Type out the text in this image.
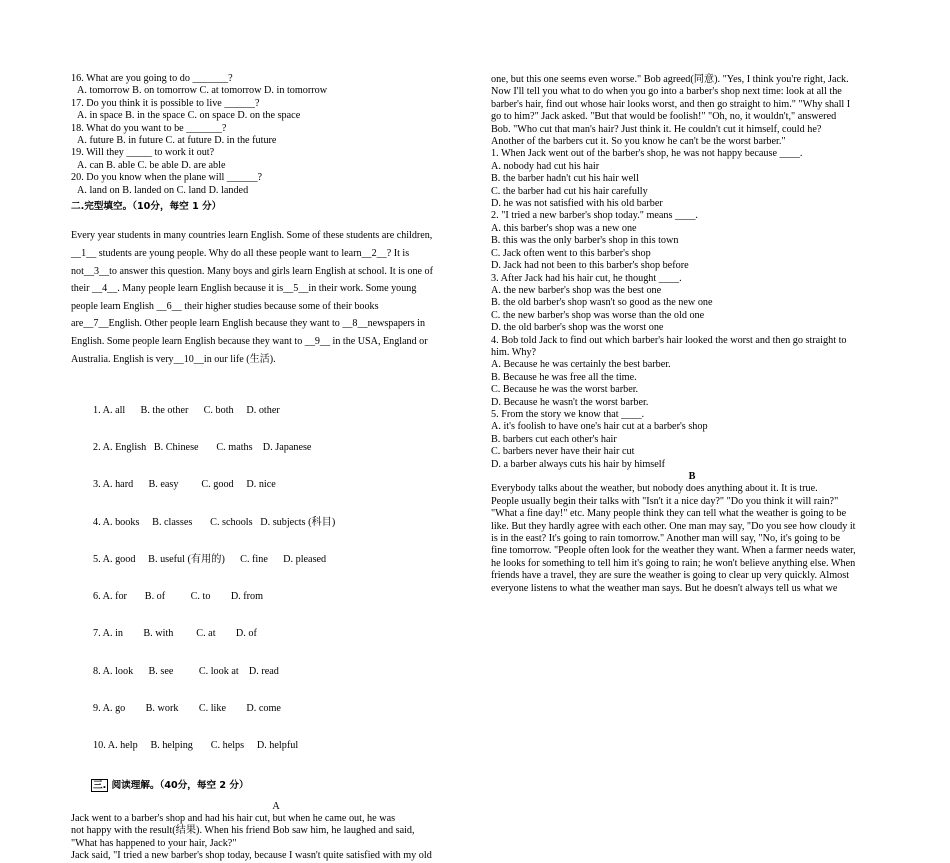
16. What are you going to do _______?
A. tomorrow B. on tomorrow C. at tomorrow D. in tomorrow
17. Do you think it is possible to live ______?
A. in space B. in the space C. on space D. on the space
18. What do you want to be _______?
A. future B. in future C. at future D. in the future
19. Will they _____ to work it out?
A. can B. able C. be able D. are able
20. Do you know when the plane will ______?
A. land on B. landed on C. land D. landed
二.完型填空。（10分，每空 1 分）
Every year students in many countries learn English. Some of these students are children,
__1__ students are young people. Why do all these people want to learn__2__? It is
not__3__to answer this question. Many boys and girls learn English at school. It is one of
their __4__. Many people learn English because it is__5__in their work. Some young
people learn English __6__ their higher studies because some of their books
are__7__English. Other people learn English because they want to __8__newspapers in
English. Some people learn English because they want to __9__ in the USA, England or
Australia. English is very__10__in our life (生活).

1. A. all      B. the other      C. both     D. other

2. A. English   B. Chinese       C. maths    D. Japanese

3. A. hard      B. easy         C. good     D. nice

4. A. books     B. classes       C. schools   D. subjects (科目)

5. A. good     B. useful (有用的)      C. fine      D. pleased

6. A. for       B. of          C. to        D. from

7. A. in        B. with         C. at        D. of

8. A. look      B. see          C. look at    D. read

9. A. go        B. work        C. like        D. come

10. A. help     B. helping       C. helps     D. helpful

三. 阅读理解。（40分，每空 2 分）
A
Jack went to a barber's shop and had his hair cut, but when he came out, he was
not happy with the result(结果). When his friend Bob saw him, he laughed and said,
"What has happened to your hair, Jack?"
Jack said, "I tried a new barber's shop today, because I wasn't quite satisfied with my old
one, but this one seems even worse." Bob agreed(同意). "Yes, I think you're right, Jack.
Now I'll tell you what to do when you go into a barber's shop next time: look at all the
barber's hair, find out whose hair looks worst, and then go straight to him." "Why shall I
go to him?" Jack asked. "But that would be foolish!" "Oh, no, it wouldn't," answered
Bob. "Who cut that man's hair? Just think it. He couldn't cut it himself, could he?
Another of the barbers cut it. So you know he can't be the worst barber."
1. When Jack went out of the barber's shop, he was not happy because ____.
A. nobody had cut his hair
B. the barber hadn't cut his hair well
C. the barber had cut his hair carefully
D. he was not satisfied with his old barber
2. "I tried a new barber's shop today." means ____.
A. this barber's shop was a new one
B. this was the only barber's shop in this town
C. Jack often went to this barber's shop
D. Jack had not been to this barber's shop before
3. After Jack had his hair cut, he thought ____.
A. the new barber's shop was the best one
B. the old barber's shop wasn't so good as the new one
C. the new barber's shop was worse than the old one
D. the old barber's shop was the worst one
4. Bob told Jack to find out which barber's hair looked the worst and then go straight to
him. Why?
A. Because he was certainly the best barber.
B. Because he was free all the time.
C. Because he was the worst barber.
D. Because he wasn't the worst barber.
5. From the story we know that ____.
A. it's foolish to have one's hair cut at a barber's shop
B. barbers cut each other's hair
C. barbers never have their hair cut
D. a barber always cuts his hair by himself
B
Everybody talks about the weather, but nobody does anything about it. It is true.
People usually begin their talks with "Isn't it a nice day?" "Do you think it will rain?"
"What a fine day!" etc. Many people think they can tell what the weather is going to be
like. But they hardly agree with each other. One man may say, "Do you see how cloudy it
is in the east? It's going to rain tomorrow." Another man will say, "No, it's going to be
fine tomorrow. "People often look for the weather they want. When a farmer needs water,
he looks for something to tell him it's going to rain; he won't believe anything else. When
friends have a travel, they are sure the weather is going to clear up very quickly. Almost
everyone listens to what the weather man says. But he doesn't always tell us what we
